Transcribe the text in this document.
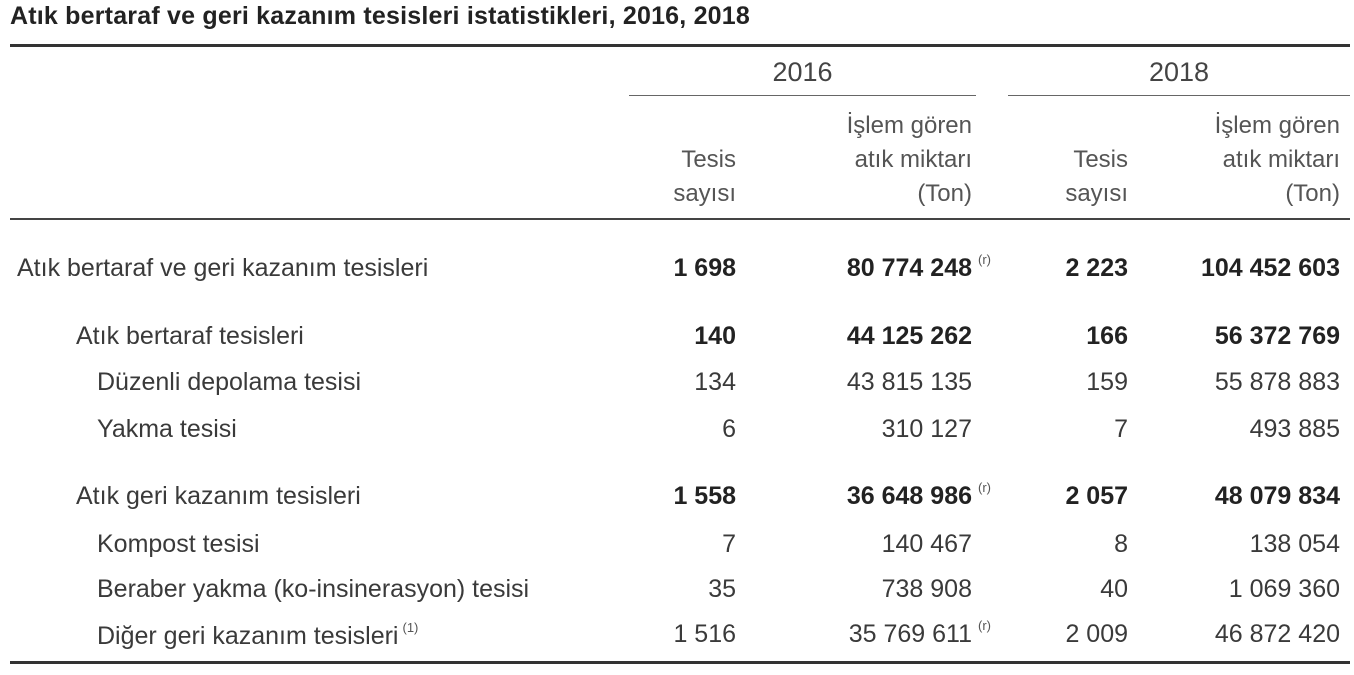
Atık bertaraf ve geri kazanım tesisleri istatistikleri, 2016, 2018
2016	2018
Tesis
sayısı
İşlem gören
atık miktarı
(Ton)
Tesis
sayısı
İşlem gören
atık miktarı
(Ton)
Atık bertaraf ve geri kazanım tesisleri	1 698	80 774 248 (r)	2 223	104 452 603
Atık bertaraf tesisleri	140	44 125 262	166	56 372 769
Düzenli depolama tesisi	134	43 815 135	159	55 878 883
Yakma tesisi	6	310 127	7	493 885
Atık geri kazanım tesisleri	1 558	36 648 986 (r)	2 057	48 079 834
Kompost tesisi	7	140 467	8	138 054
Beraber yakma (ko-insinerasyon) tesisi	35	738 908	40	1 069 360
Diğer geri kazanım tesisleri $^{(1)}$	1 516	35 769 611 (r)	2 009	46 872 420
